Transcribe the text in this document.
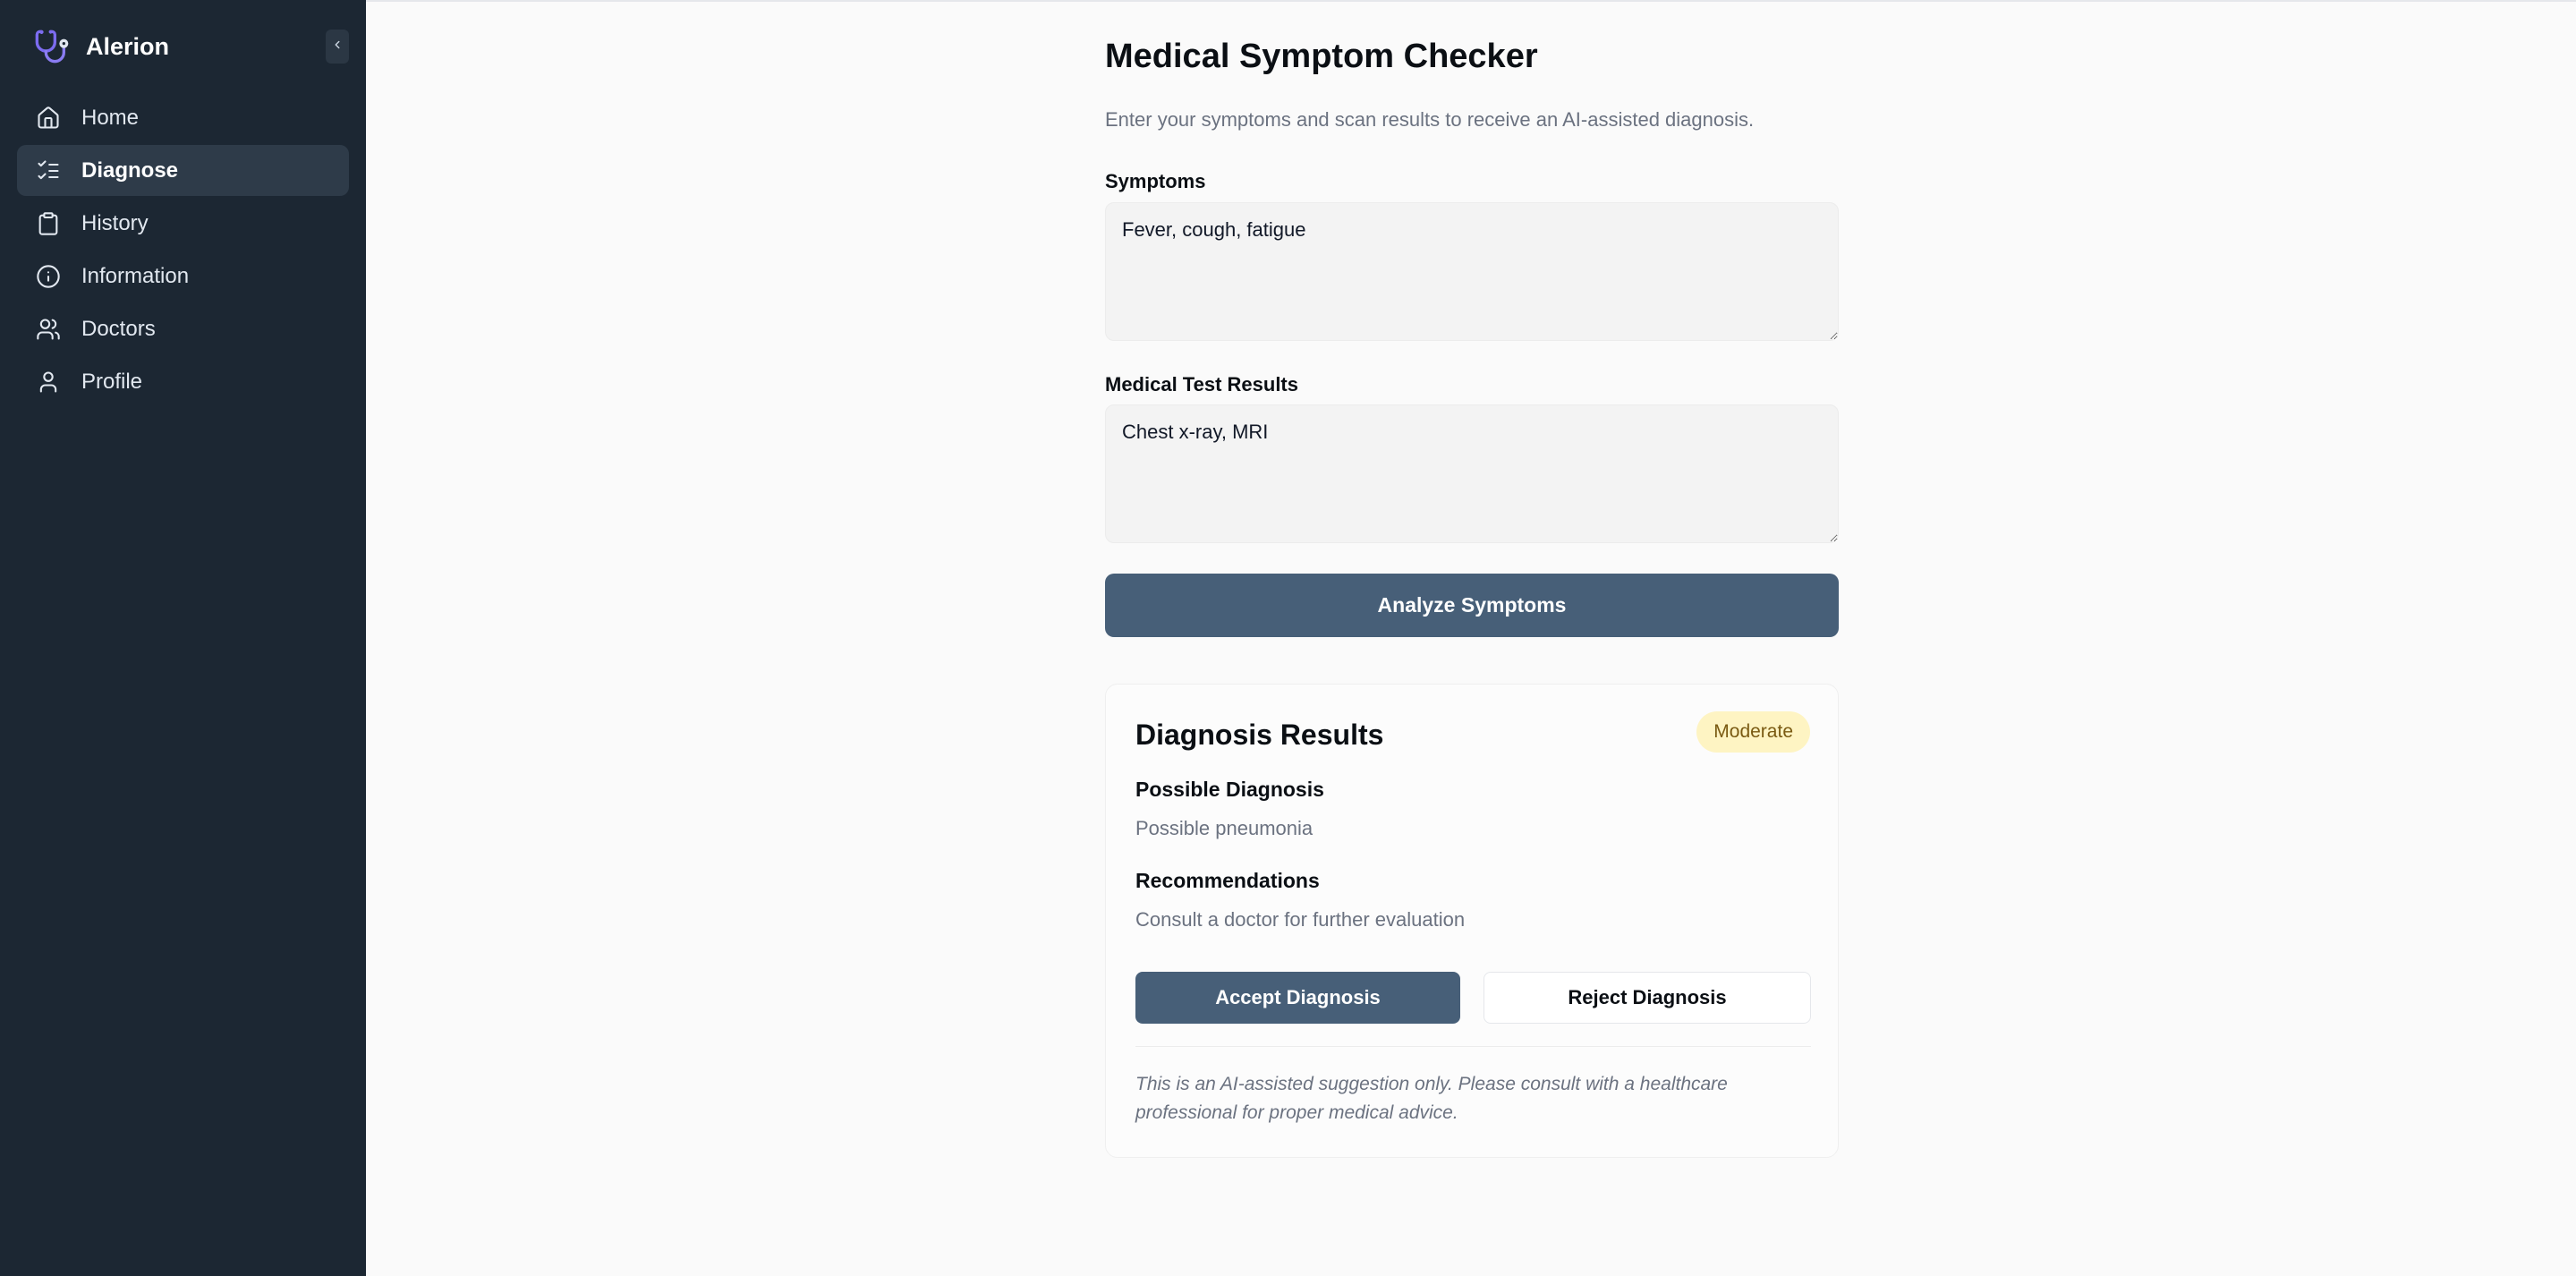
Alerion
Home
Diagnose
History
Information
Doctors
Profile
Medical Symptom Checker

Enter your symptoms and scan results to receive an AI-assisted diagnosis.

Symptoms
Fever, cough, fatigue
Medical Test Results
Chest x-ray, MRI
Analyze Symptoms
Diagnosis Results	Moderate
Possible Diagnosis

Possible pneumonia

Recommendations

Consult a doctor for further evaluation

Accept Diagnosis	Reject Diagnosis

This is an AI-assisted suggestion only. Please consult with a healthcare professional for proper medical advice.
